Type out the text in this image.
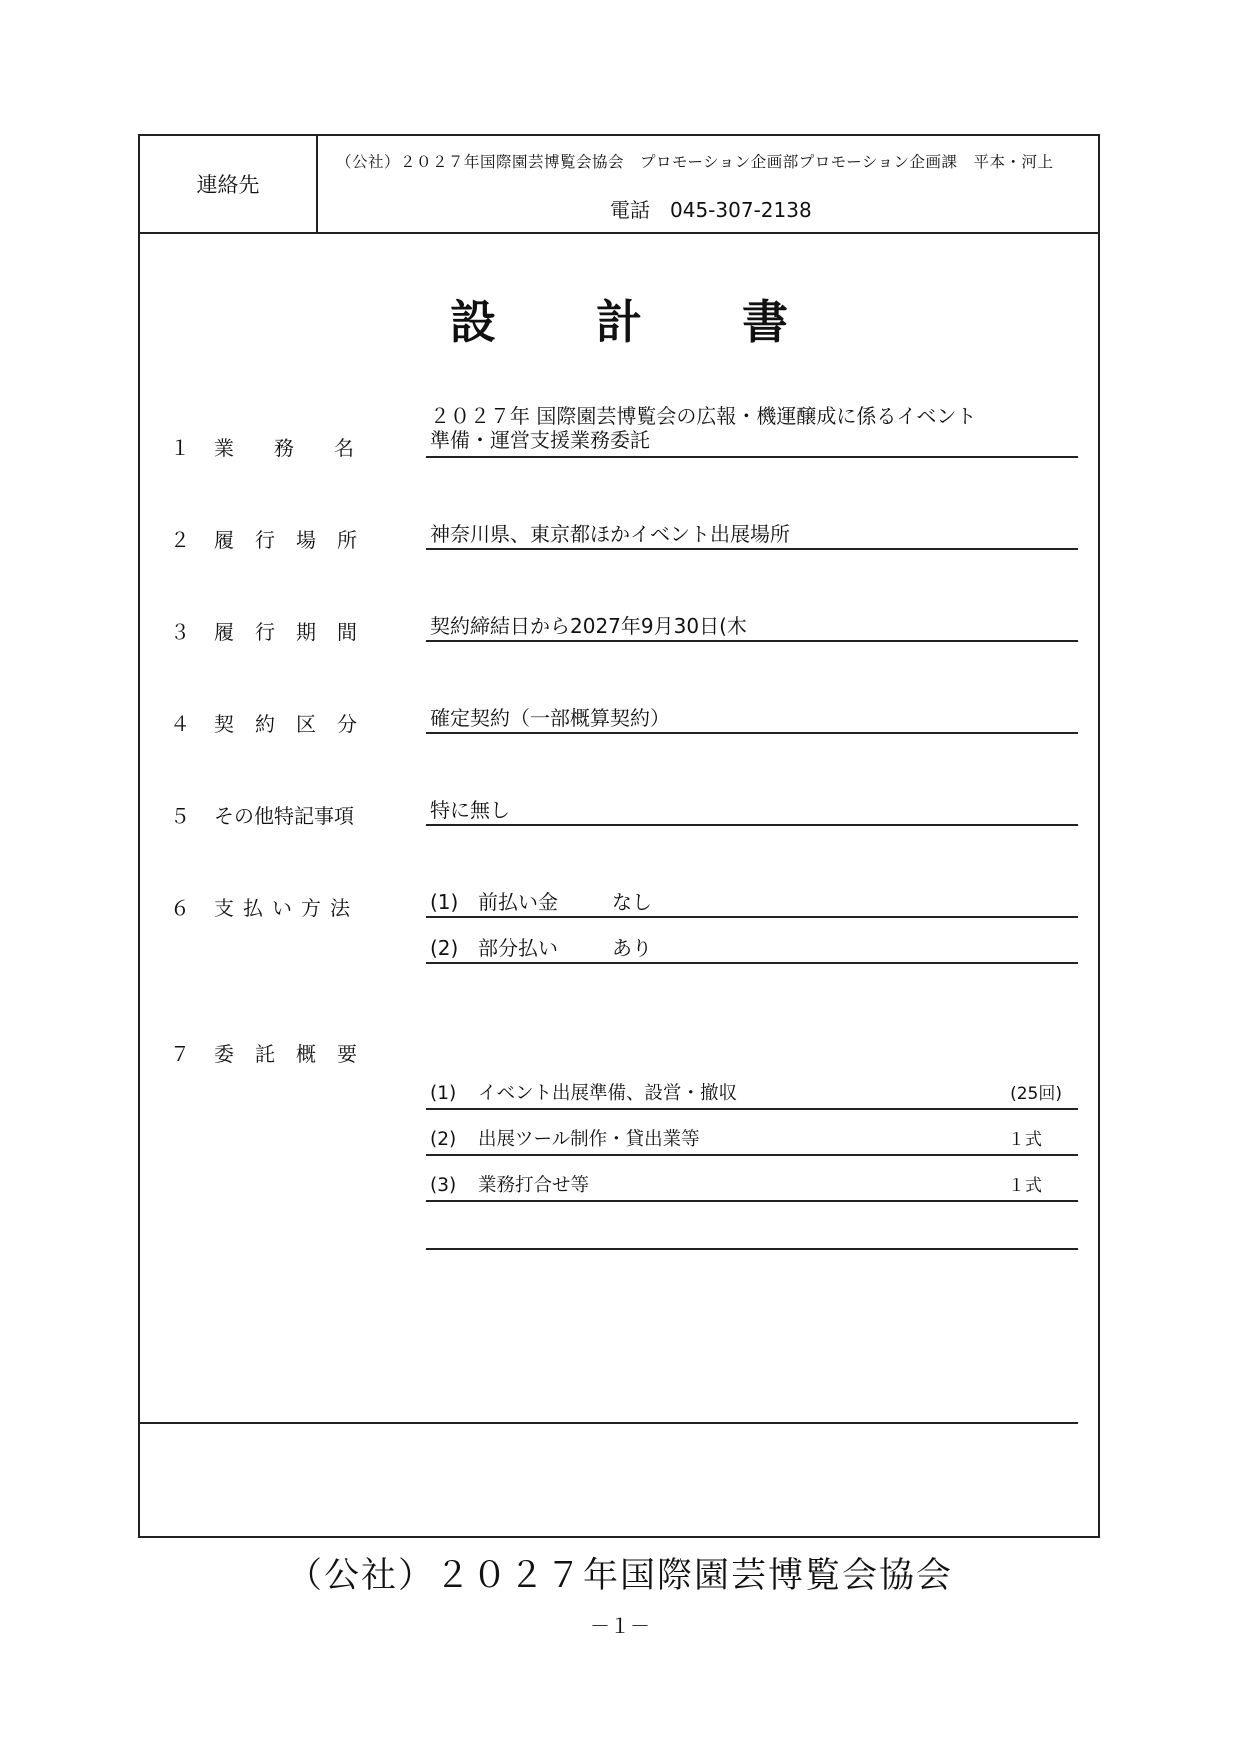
連絡先
（公社）２０２７年国際園芸博覧会協会　プロモーション企画部プロモーション企画課　平本・河上
電話　045-307-2138
設計書
１ 業務名
２０２７年 国際園芸博覧会の広報・機運醸成に係るイベント
準備・運営支援業務委託
２ 履行場所	神奈川県、東京都ほかイベント出展場所
３ 履行期間	契約締結日から2027年9月30日(木
４ 契約区分	確定契約（一部概算契約）
５ その他特記事項	特に無し
６ 支払い方法	(1) 前払い金	なし
(2) 部分払い	あり
７ 委託概要
(1) イベント出展準備、設営・撤収	(25回)
(2) 出展ツール制作・貸出業等	１式
(3) 業務打合せ等	１式
（公社）２０２７年国際園芸博覧会協会
－１－
